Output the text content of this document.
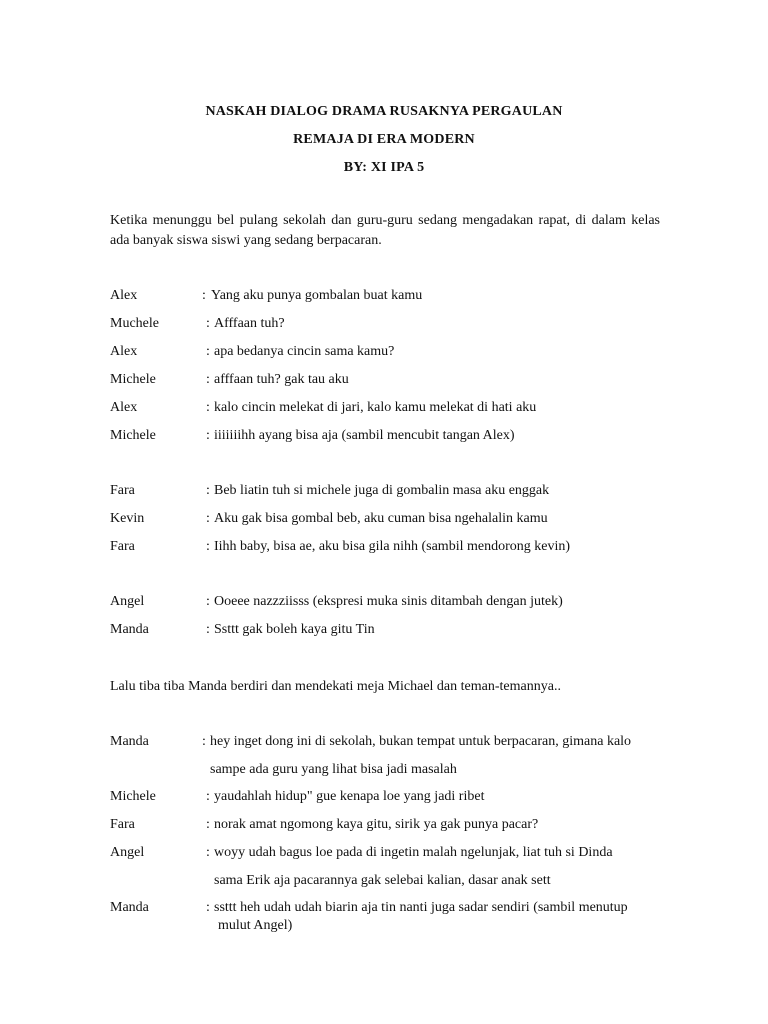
NASKAH DIALOG DRAMA RUSAKNYA PERGAULAN
REMAJA DI ERA MODERN
BY: XI IPA 5
Ketika menunggu bel pulang sekolah dan guru-guru sedang mengadakan rapat, di dalam kelas ada banyak siswa siswi yang sedang berpacaran.
Alex	: Yang aku punya gombalan buat kamu
Muchele	: Afffaan tuh?
Alex	: apa bedanya cincin sama kamu?
Michele	: afffaan tuh? gak tau aku
Alex	: kalo cincin melekat di jari, kalo kamu melekat di hati aku
Michele	: iiiiiiihh ayang bisa aja (sambil mencubit tangan Alex)
Fara	: Beb liatin tuh si michele juga di gombalin masa aku enggak
Kevin	: Aku gak bisa gombal beb, aku cuman bisa ngehalalin kamu
Fara	: Iihh baby, bisa ae, aku bisa gila nihh (sambil mendorong kevin)
Angel	: Ooeee nazzziisss (ekspresi muka sinis ditambah dengan jutek)
Manda	: Ssttt gak boleh kaya gitu Tin
Lalu tiba tiba Manda berdiri dan mendekati meja Michael dan teman-temannya..
Manda	: hey inget dong ini di sekolah, bukan tempat untuk berpacaran, gimana kalo
sampe ada guru yang lihat bisa jadi masalah
Michele	: yaudahlah hidup" gue kenapa loe yang jadi ribet
Fara	: norak amat ngomong kaya gitu, sirik ya gak punya pacar?
Angel	: woyy udah bagus loe pada di ingetin malah ngelunjak, liat tuh si Dinda
sama Erik aja pacarannya gak selebai kalian, dasar anak sett
Manda	: ssttt heh udah udah biarin aja tin nanti juga sadar sendiri (sambil menutup
mulut Angel)
